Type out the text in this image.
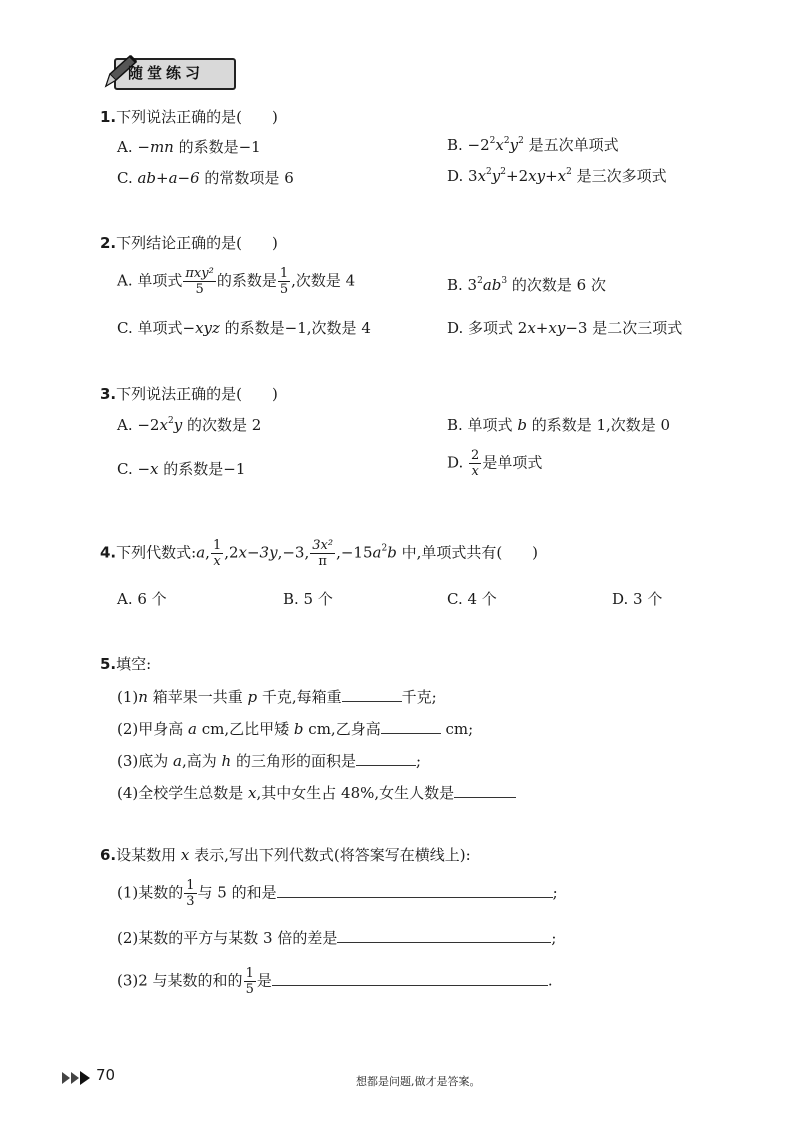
随堂练习
1.下列说法正确的是(　　)
A. −mn 的系数是−1	B. $-2^2x^2y^2$ 是五次单项式
C. ab+a−6 的常数项是 6	D. $3x^2y^2+2xy+x^2$ 是三次多项式
2.下列结论正确的是(　　)
A. 单项式 $\frac{\text{πxy²}}{5}$ 的系数是 $\frac{1}{5}$ ,次数是 4	B. $3^2ab^3$ 的次数是 6 次
C. 单项式−xyz 的系数是−1,次数是 4	D. 多项式 2x+xy−3 是二次三项式
3.下列说法正确的是(　　)
A. $-2x^2y$ 的次数是 2	B. 单项式 b 的系数是 1,次数是 0
C. −x 的系数是−1	D. $\frac{2}{x}$ 是单项式
4.下列代数式:a, $\frac{1}{x} ,2x-3y,-3$, $\frac{\text{3x²}}{\pi} ,-15a^2b$ 中,单项式共有(　　)
A. 6 个	B. 5 个	C. 4 个	D. 3 个
5.填空:
(1)n 箱苹果一共重 p 千克,每箱重	千克;
(2)甲身高 a cm,乙比甲矮 b cm,乙身高	cm;
(3)底为 a,高为 h 的三角形的面积是	;
(4)全校学生总数是 x,其中女生占 48%,女生人数是
6.设某数用 x 表示,写出下列代数式(将答案写在横线上):
(1)某数的 $\frac{1}{3}$ 与 5 的和是	;
(2)某数的平方与某数 3 倍的差是	;
(3)2 与某数的和的 $\frac{1}{5}$ 是	.
70	想都是问题,做才是答案。
